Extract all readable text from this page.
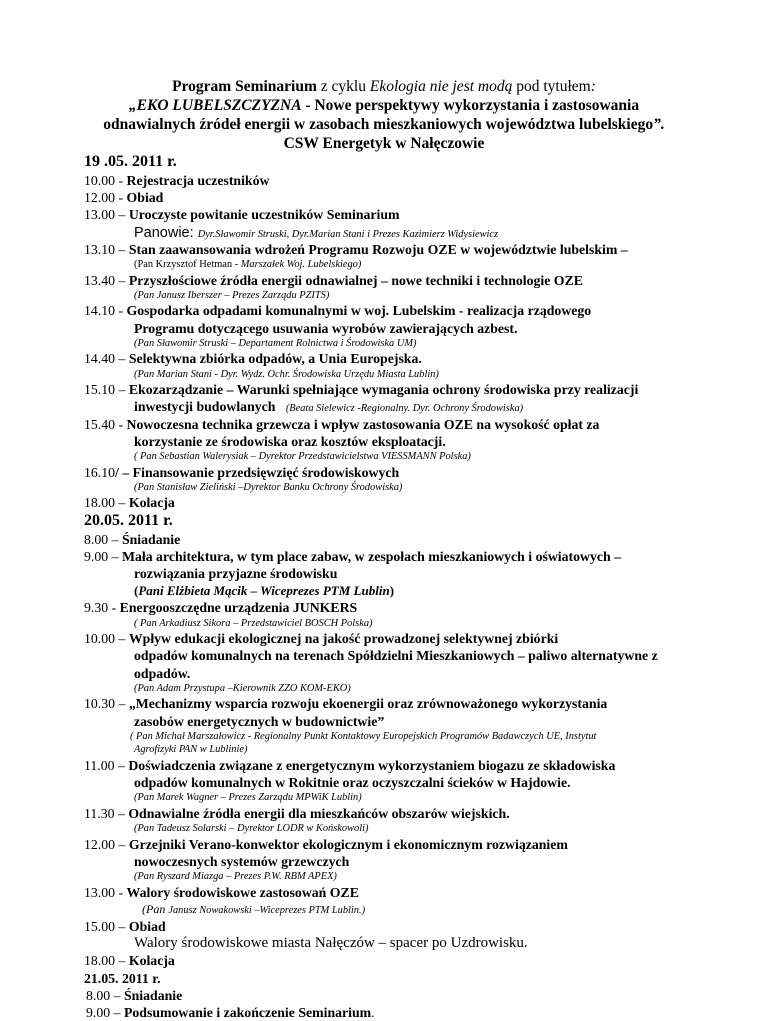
Program Seminarium z cyklu Ekologia nie jest modą pod tytułem:
„EKO LUBELSZCZYZNA - Nowe perspektywy wykorzystania i zastosowania
odnawialnych źródeł energii w zasobach mieszkaniowych województwa lubelskiego”.
CSW Energetyk w Nałęczowie
19 .05. 2011 r.
10.00 - Rejestracja uczestników
12.00 - Obiad
13.00 – Uroczyste powitanie uczestników Seminarium
Panowie: Dyr.Sławomir Struski, Dyr.Marian Stani i Prezes Kazimierz Widysiewicz
13.10 – Stan zaawansowania wdrożeń Programu Rozwoju OZE w województwie lubelskim –
(Pan Krzysztof Hetman - Marszałek Woj. Lubelskiego)
13.40 – Przyszłościowe źródła energii odnawialnej – nowe techniki i technologie OZE
(Pan Janusz Iberszer – Prezes Zarządu PZITS)
14.10 - Gospodarka odpadami komunalnymi w woj. Lubelskim - realizacja rządowego
Programu dotyczącego usuwania wyrobów zawierających azbest.
(Pan Sławomir Struski – Departament Rolnictwa i Środowiska UM)
14.40 – Selektywna zbiórka odpadów, a Unia Europejska.
(Pan Marian Stani - Dyr. Wydz. Ochr. Środowiska Urzędu Miasta Lublin)
15.10 – Ekozarządzanie – Warunki spełniające wymagania ochrony środowiska przy realizacji
inwestycji budowlanych (Beata Sielewicz -Regionalny. Dyr. Ochrony Środowiska)
15.40 - Nowoczesna technika grzewcza i wpływ zastosowania OZE na wysokość opłat za
korzystanie ze środowiska oraz kosztów eksploatacji.
( Pan Sebastian Walerysiak – Dyrektor Przedstawicielstwa VIESSMANN Polska)
16.10/ – Finansowanie przedsięwzięć środowiskowych
(Pan Stanisław Zieliński –Dyrektor Banku Ochrony Środowiska)
18.00 – Kolacja
20.05. 2011 r.
8.00 – Śniadanie
9.00 – Mała architektura, w tym place zabaw, w zespołach mieszkaniowych i oświatowych –
rozwiązania przyjazne środowisku
(Pani Elżbieta Mącik – Wiceprezes PTM Lublin)
9.30 - Energooszczędne urządzenia JUNKERS
( Pan Arkadiusz Sikora – Przedstawiciel BOSCH Polska)
10.00 – Wpływ edukacji ekologicznej na jakość prowadzonej selektywnej zbiórki
odpadów komunalnych na terenach Spółdzielni Mieszkaniowych – paliwo alternatywne z
odpadów.
(Pan Adam Przystupa –Kierownik ZZO KOM-EKO)
10.30 – „Mechanizmy wsparcia rozwoju ekoenergii oraz zrównoważonego wykorzystania
zasobów energetycznych w budownictwie”
( Pan Michał Marszałowicz - Regionalny Punkt Kontaktowy Europejskich Programów Badawczych UE, Instytut
Agrofizyki PAN w Lublinie)
11.00 – Doświadczenia związane z energetycznym wykorzystaniem biogazu ze składowiska
odpadów komunalnych w Rokitnie oraz oczyszczalni ścieków w Hajdowie.
(Pan Marek Wagner – Prezes Zarządu MPWiK Lublin)
11.30 – Odnawialne źródła energii dla mieszkańców obszarów wiejskich.
(Pan Tadeusz Solarski – Dyrektor LODR w Końskowoli)
12.00 – Grzejniki Verano-konwektor ekologicznym i ekonomicznym rozwiązaniem
nowoczesnych systemów grzewczych
(Pan Ryszard Miazga – Prezes P.W. RBM APEX)
13.00 - Walory środowiskowe zastosowań OZE
(Pan Janusz Nowakowski –Wiceprezes PTM Lublin.)
15.00 – Obiad
Walory środowiskowe miasta Nałęczów – spacer po Uzdrowisku.
18.00 – Kolacja
21.05. 2011 r.
8.00 – Śniadanie
9.00 – Podsumowanie i zakończenie Seminarium.
